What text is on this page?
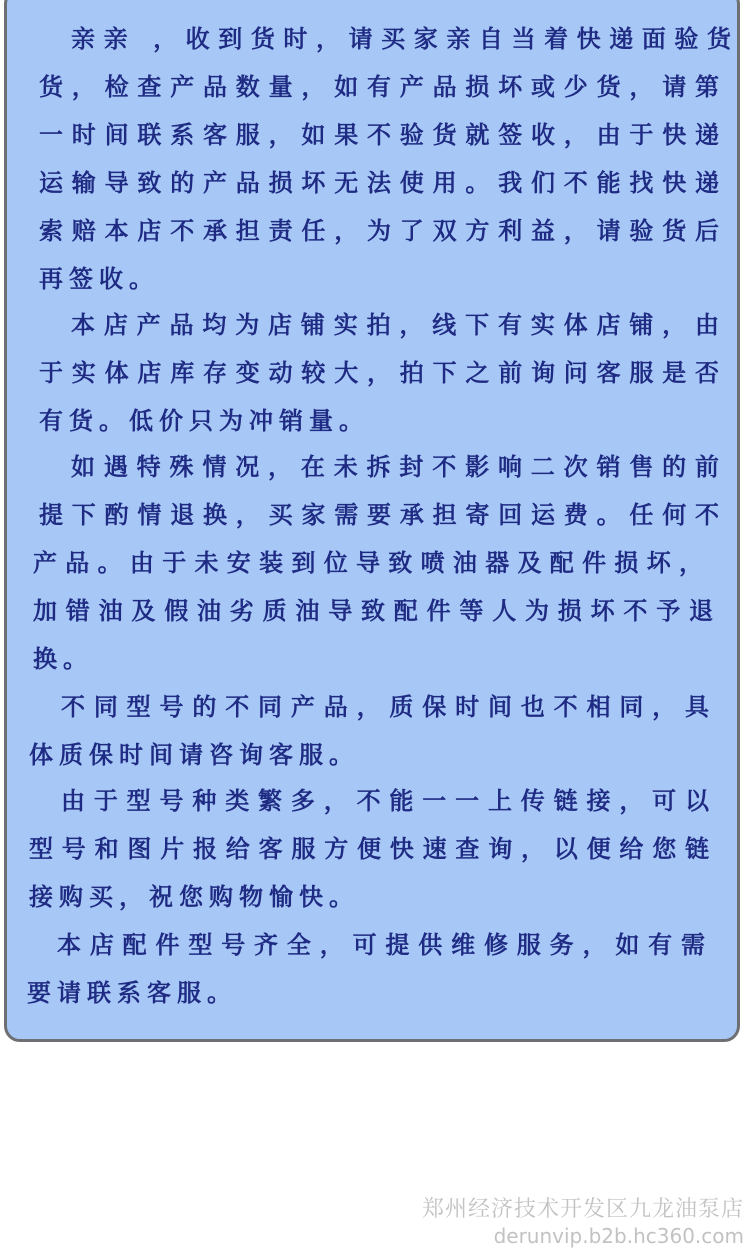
亲亲 ，收到货时，请买家亲自当着快递面验货
货，检查产品数量，如有产品损坏或少货，请第
一时间联系客服，如果不验货就签收，由于快递
运输导致的产品损坏无法使用。我们不能找快递
索赔本店不承担责任，为了双方利益，请验货后
再签收。
本店产品均为店铺实拍，线下有实体店铺，由
于实体店库存变动较大，拍下之前询问客服是否
有货。低价只为冲销量。
如遇特殊情况，在未拆封不影响二次销售的前
提下酌情退换，买家需要承担寄回运费。任何不
产品。由于未安装到位导致喷油器及配件损坏，
加错油及假油劣质油导致配件等人为损坏不予退
换。
不同型号的不同产品，质保时间也不相同，具
体质保时间请咨询客服。
由于型号种类繁多，不能一一上传链接，可以
型号和图片报给客服方便快速查询，以便给您链
接购买，祝您购物愉快。
本店配件型号齐全，可提供维修服务，如有需
要请联系客服。
郑州经济技术开发区九龙油泵店
derunvip.b2b.hc360.com
